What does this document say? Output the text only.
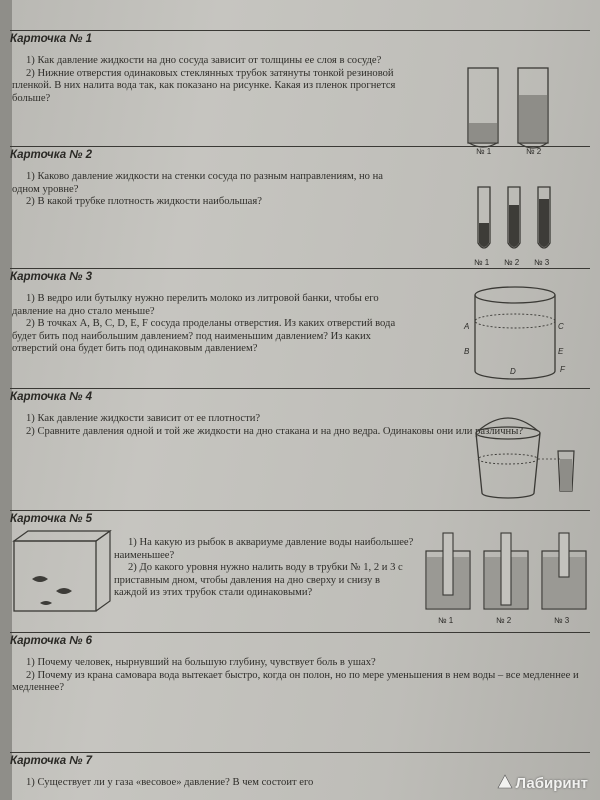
Карточка № 1

1) Как давление жидкости на дно сосуда зависит от толщины ее слоя в сосуде?

2) Нижние отверстия одинаковых стеклянных трубок затянуты тонкой резиновой пленкой. В них налита вода так, как показано на рисунке. Какая из пленок прогнется больше?

№ 1	№ 2
Карточка № 2

1) Каково давление жидкости на стенки сосуда по разным направлениям, но на одном уровне?

2) В какой трубке плотность жидкости наибольшая?

№ 1 № 2 № 3
Карточка № 3

1) В ведро или бутылку нужно перелить молоко из литровой банки, чтобы его давление на дно стало меньше?

2) В точках A, B, C, D, E, F сосуда проделаны отверстия. Из каких отверстий вода будет бить под наибольшим давлением? под наименьшим давлением? Из каких отверстий она будет бить под одинаковым давлением?

A
B
C
D
E
F
Карточка № 4

1) Как давление жидкости зависит от ее плотности?

2) Сравните давления одной и той же жидкости на дно стакана и на дно ведра. Одинаковы они или различны?

Карточка № 5

1) На какую из рыбок в аквариуме давление воды наибольшее? наименьшее?

2) До какого уровня нужно налить воду в трубки № 1, 2 и 3 с приставным дном, чтобы давления на дно сверху и снизу в каждой из этих трубок стали одинаковыми?

№ 1	№ 2	№ 3
Карточка № 6

1) Почему человек, нырнувший на большую глубину, чувствует боль в ушах?

2) Почему из крана самовара вода вытекает быстро, когда он полон, но по мере уменьшения в нем воды – все медленнее и медленнее?

Карточка № 7

1) Существует ли у газа «весовое» давление? В чем состоит его	Лабиринт
